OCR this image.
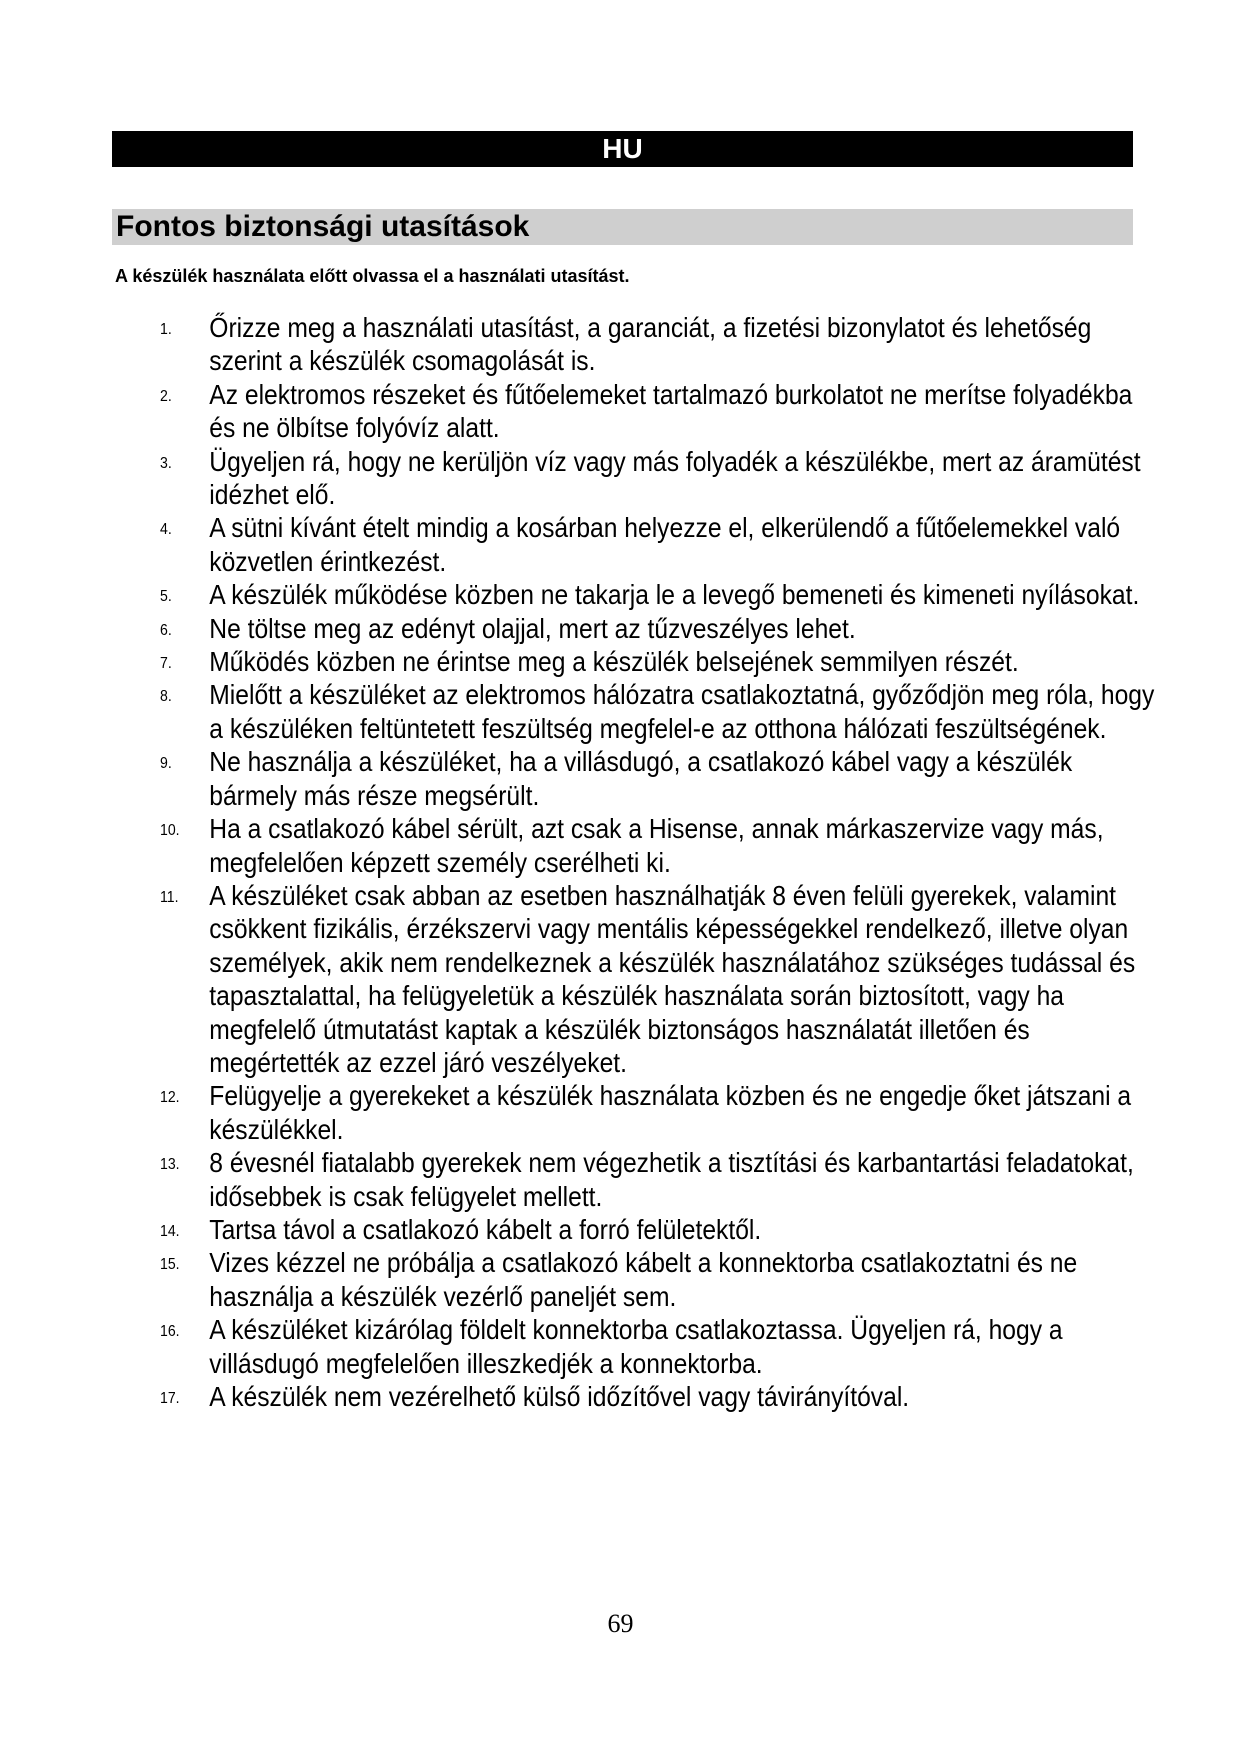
HU
Fontos biztonsági utasítások
A készülék használata előtt olvassa el a használati utasítást.
1. Őrizze meg a használati utasítást, a garanciát, a fizetési bizonylatot és lehetőség szerint a készülék csomagolását is.
2. Az elektromos részeket és fűtőelemeket tartalmazó burkolatot ne merítse folyadékba és ne ölbítse folyóvíz alatt.
3. Ügyeljen rá, hogy ne kerüljön víz vagy más folyadék a készülékbe, mert az áramütést idézhet elő.
4. A sütni kívánt ételt mindig a kosárban helyezze el, elkerülendő a fűtőelemekkel való közvetlen érintkezést.
5. A készülék működése közben ne takarja le a levegő bemeneti és kimeneti nyílásokat.
6. Ne töltse meg az edényt olajjal, mert az tűzveszélyes lehet.
7. Működés közben ne érintse meg a készülék belsejének semmilyen részét.
8. Mielőtt a készüléket az elektromos hálózatra csatlakoztatná, győződjön meg róla, hogy a készüléken feltüntetett feszültség megfelel-e az otthona hálózati feszültségének.
9. Ne használja a készüléket, ha a villásdugó, a csatlakozó kábel vagy a készülék bármely más része megsérült.
10. Ha a csatlakozó kábel sérült, azt csak a Hisense, annak márkaszervize vagy más, megfelelően képzett személy cserélheti ki.
11. A készüléket csak abban az esetben használhatják 8 éven felüli gyerekek, valamint csökkent fizikális, érzékszervi vagy mentális képességekkel rendelkező, illetve olyan személyek, akik nem rendelkeznek a készülék használatához szükséges tudással és tapasztalattal, ha felügyeletük a készülék használata során biztosított, vagy ha megfelelő útmutatást kaptak a készülék biztonságos használatát illetően és megértették az ezzel járó veszélyeket.
12. Felügyelje a gyerekeket a készülék használata közben és ne engedje őket játszani a készülékkel.
13. 8 évesnél fiatalabb gyerekek nem végezhetik a tisztítási és karbantartási feladatokat, idősebbek is csak felügyelet mellett.
14. Tartsa távol a csatlakozó kábelt a forró felületektől.
15. Vizes kézzel ne próbálja a csatlakozó kábelt a konnektorba csatlakoztatni és ne használja a készülék vezérlő paneljét sem.
16. A készüléket kizárólag földelt konnektorba csatlakoztassa. Ügyeljen rá, hogy a villásdugó megfelelően illeszkedjék a konnektorba.
17. A készülék nem vezérelhető külső időzítővel vagy távirányítóval.
69
